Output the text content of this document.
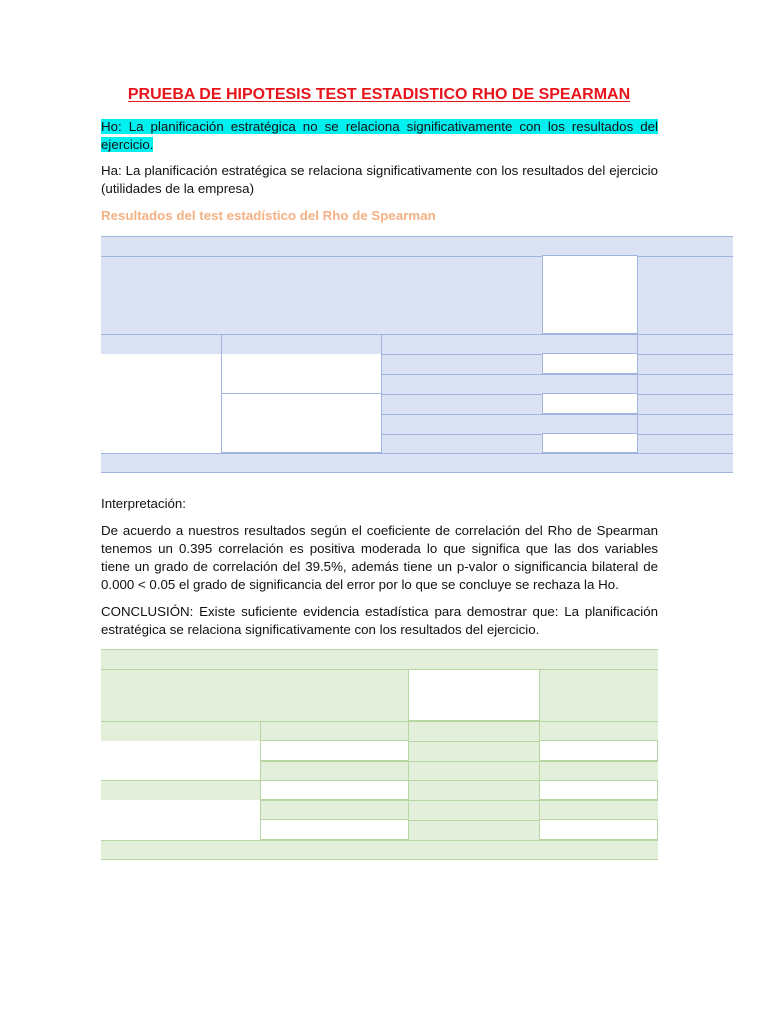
PRUEBA DE HIPOTESIS TEST ESTADISTICO RHO DE SPEARMAN
Ho: La planificación estratégica no se relaciona significativamente con los resultados del ejercicio.
Ha: La planificación estratégica se relaciona significativamente con los resultados del ejercicio (utilidades de la empresa)
Resultados del test estadístico del Rho de Spearman
Interpretación:
De acuerdo a nuestros resultados según el coeficiente de correlación del Rho de Spearman tenemos un 0.395 correlación es positiva moderada lo que significa que las dos variables tiene un grado de correlación del 39.5%, además tiene un p-valor o significancia bilateral de 0.000 < 0.05 el grado de significancia del error por lo que se concluye se rechaza la Ho.
CONCLUSIÓN: Existe suficiente evidencia estadística para demostrar que: La planificación estratégica se relaciona significativamente con los resultados del ejercicio.
